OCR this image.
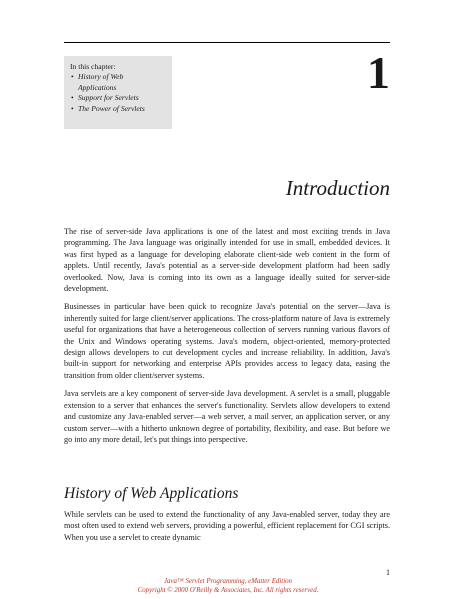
In this chapter:
• History of Web
Applications
• Support for Servlets
• The Power of Servlets
1
Introduction

The rise of server-side Java applications is one of the latest and most exciting trends in Java programming. The Java language was originally intended for use in small, embedded devices. It was first hyped as a language for developing elaborate client-side web content in the form of applets. Until recently, Java's potential as a server-side development platform had been sadly overlooked. Now, Java is coming into its own as a language ideally suited for server-side development.

Businesses in particular have been quick to recognize Java's potential on the server—Java is inherently suited for large client/server applications. The cross-platform nature of Java is extremely useful for organizations that have a heterogeneous collection of servers running various flavors of the Unix and Windows operating systems. Java's modern, object-oriented, memory-protected design allows developers to cut development cycles and increase reliability. In addition, Java's built-in support for networking and enterprise APIs provides access to legacy data, easing the transition from older client/server systems.

Java servlets are a key component of server-side Java development. A servlet is a small, pluggable extension to a server that enhances the server's functionality. Servlets allow developers to extend and customize any Java-enabled server—a web server, a mail server, an application server, or any custom server—with a hitherto unknown degree of portability, flexibility, and ease. But before we go into any more detail, let's put things into perspective.

History of Web Applications

While servlets can be used to extend the functionality of any Java-enabled server, today they are most often used to extend web servers, providing a powerful, efficient replacement for CGI scripts. When you use a servlet to create dynamic

1
Java™ Servlet Programming, eMatter Edition
Copyright © 2000 O'Reilly & Associates, Inc. All rights reserved.
